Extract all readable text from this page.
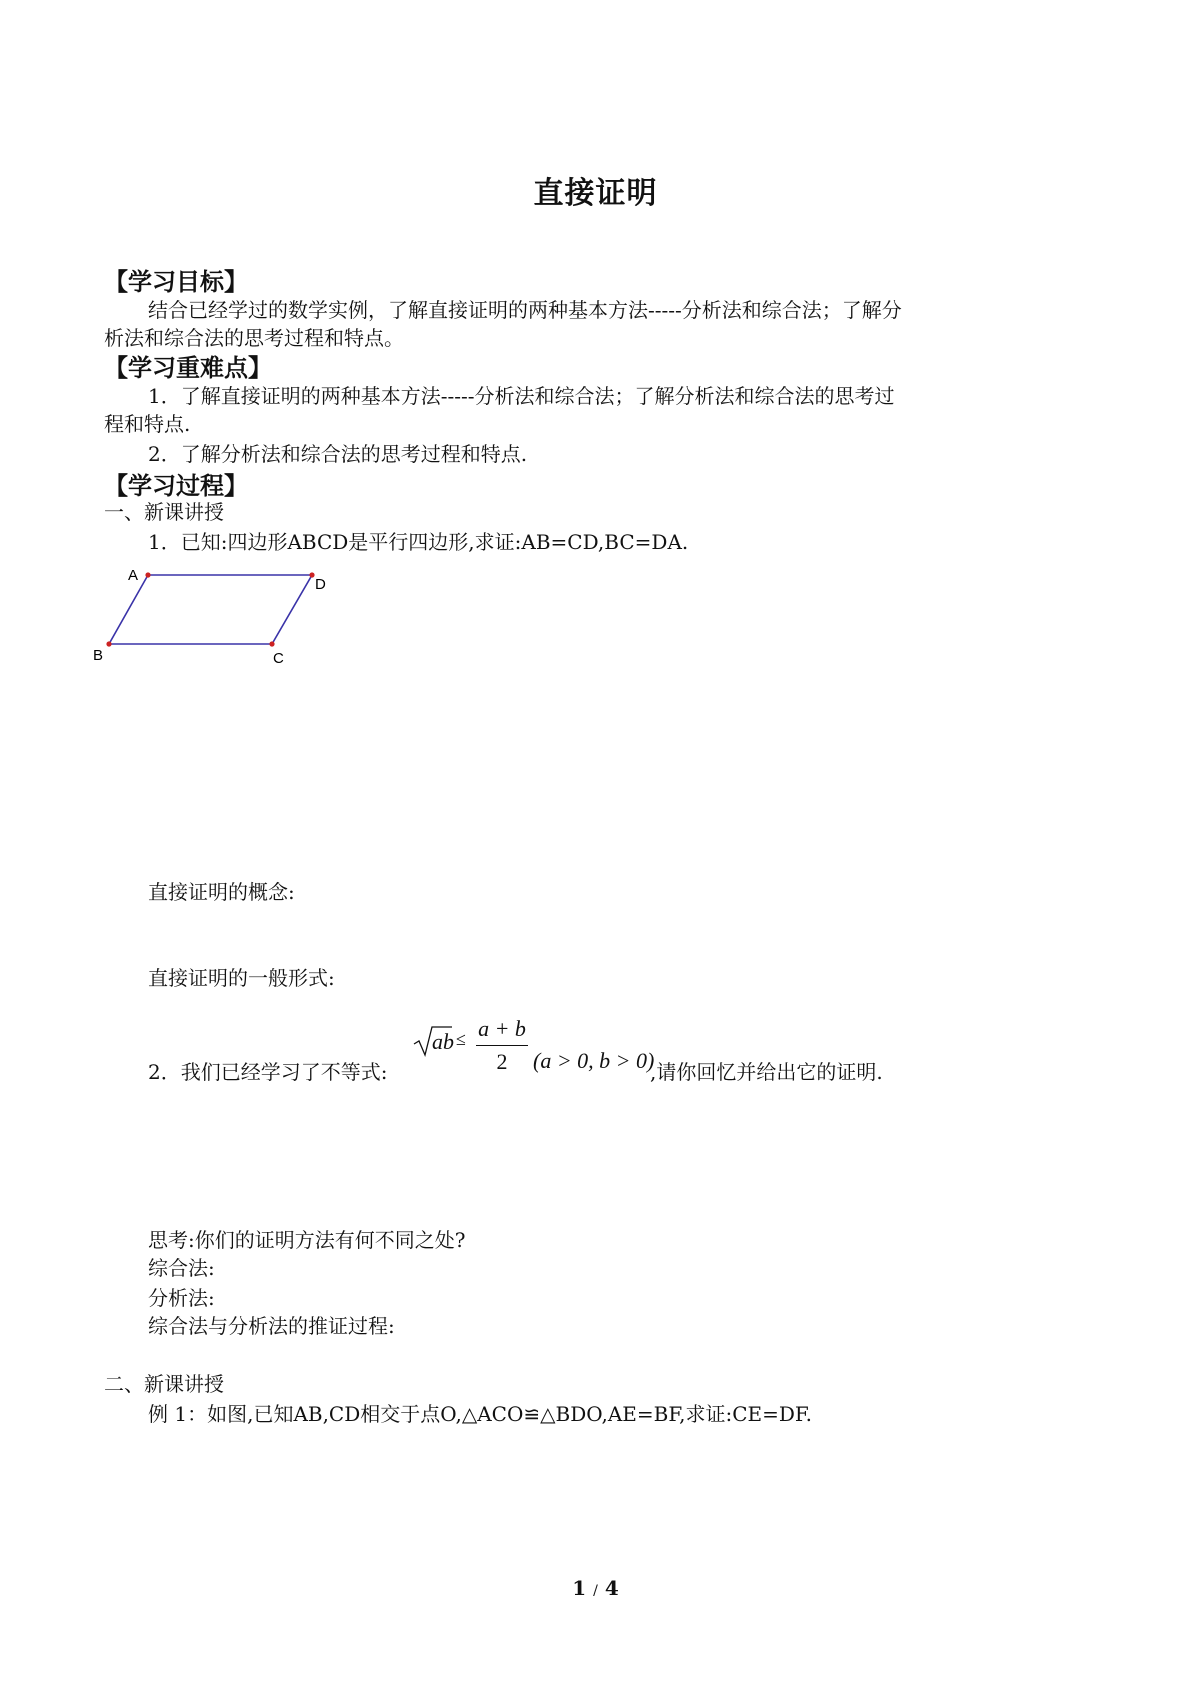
直接证明
【学习目标】
结合已经学过的数学实例，了解直接证明的两种基本方法-----分析法和综合法；了解分
析法和综合法的思考过程和特点。
【学习重难点】
1．了解直接证明的两种基本方法-----分析法和综合法；了解分析法和综合法的思考过
程和特点.
2．了解分析法和综合法的思考过程和特点.
【学习过程】
一、新课讲授
1．已知:四边形ABCD是平行四边形,求证:AB=CD,BC=DA.
A
D
B	C
直接证明的概念:
直接证明的一般形式:
2．我们已经学习了不等式:
ab ≤ a + b
2	(a > 0, b > 0)
,请你回忆并给出它的证明.
思考:你们的证明方法有何不同之处?
综合法:
分析法:
综合法与分析法的推证过程:
二、新课讲授
例 1：如图,已知AB,CD相交于点O,△ACO≌△BDO,AE=BF,求证:CE=DF.
1 / 4
